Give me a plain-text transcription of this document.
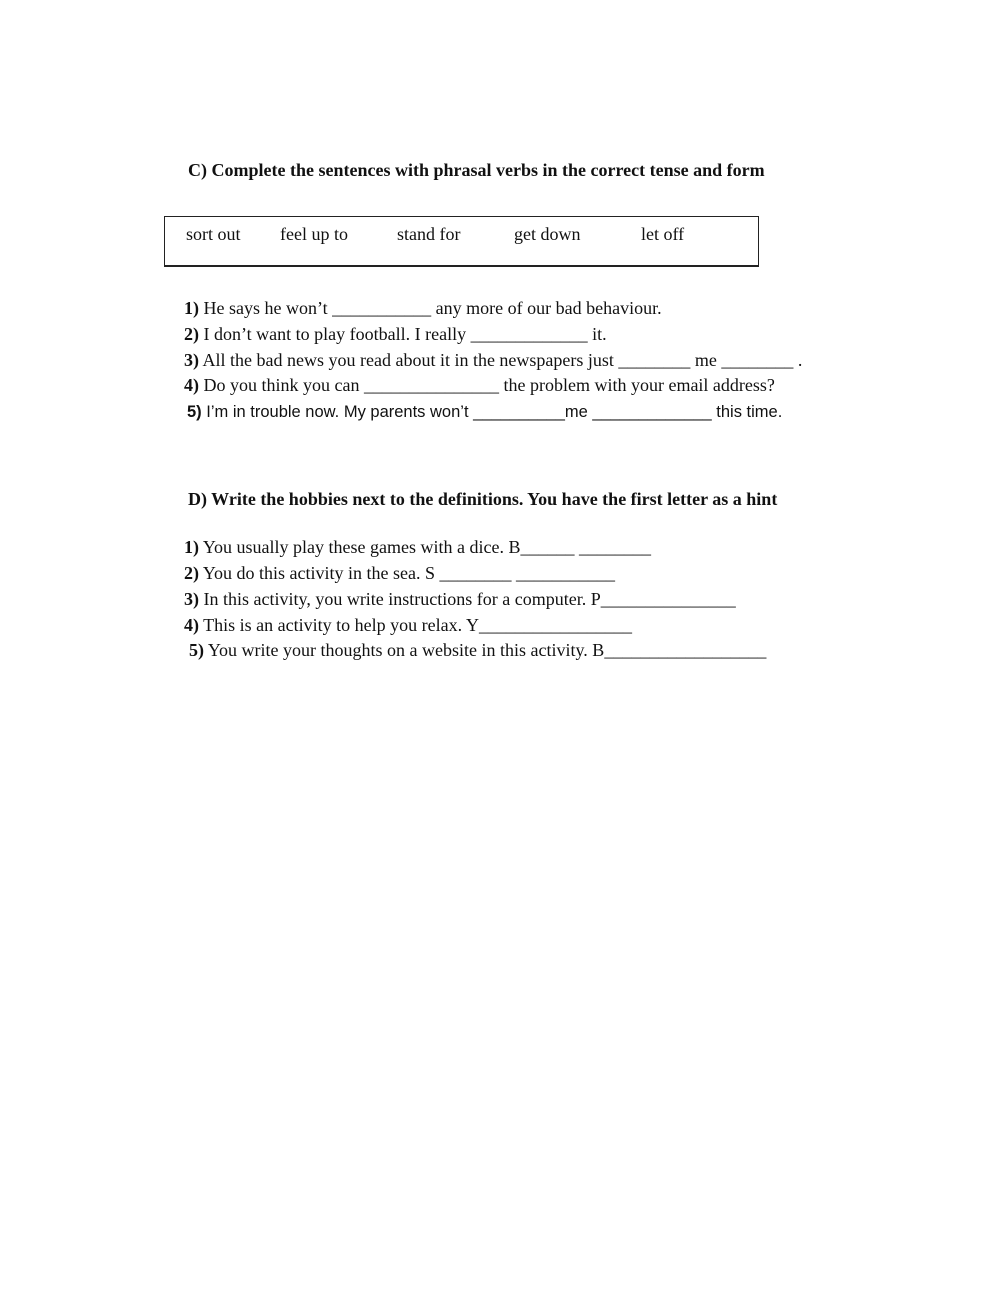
C) Complete the sentences with phrasal verbs in the correct tense and form
sort out feel up to	stand for	get down	let off
1) He says he won’t ___________ any more of our bad behaviour.
2) I don’t want to play football. I really _____________ it.
3) All the bad news you read about it in the newspapers just ________ me ________ .
4) Do you think you can _______________ the problem with your email address?
5) I’m in trouble now. My parents won’t __________me _____________ this time.
D) Write the hobbies next to the definitions. You have the first letter as a hint
1) You usually play these games with a dice. B______ ________
2) You do this activity in the sea. S ________ ___________
3) In this activity, you write instructions for a computer. P_______________
4) This is an activity to help you relax. Y_________________
5) You write your thoughts on a website in this activity. B__________________
